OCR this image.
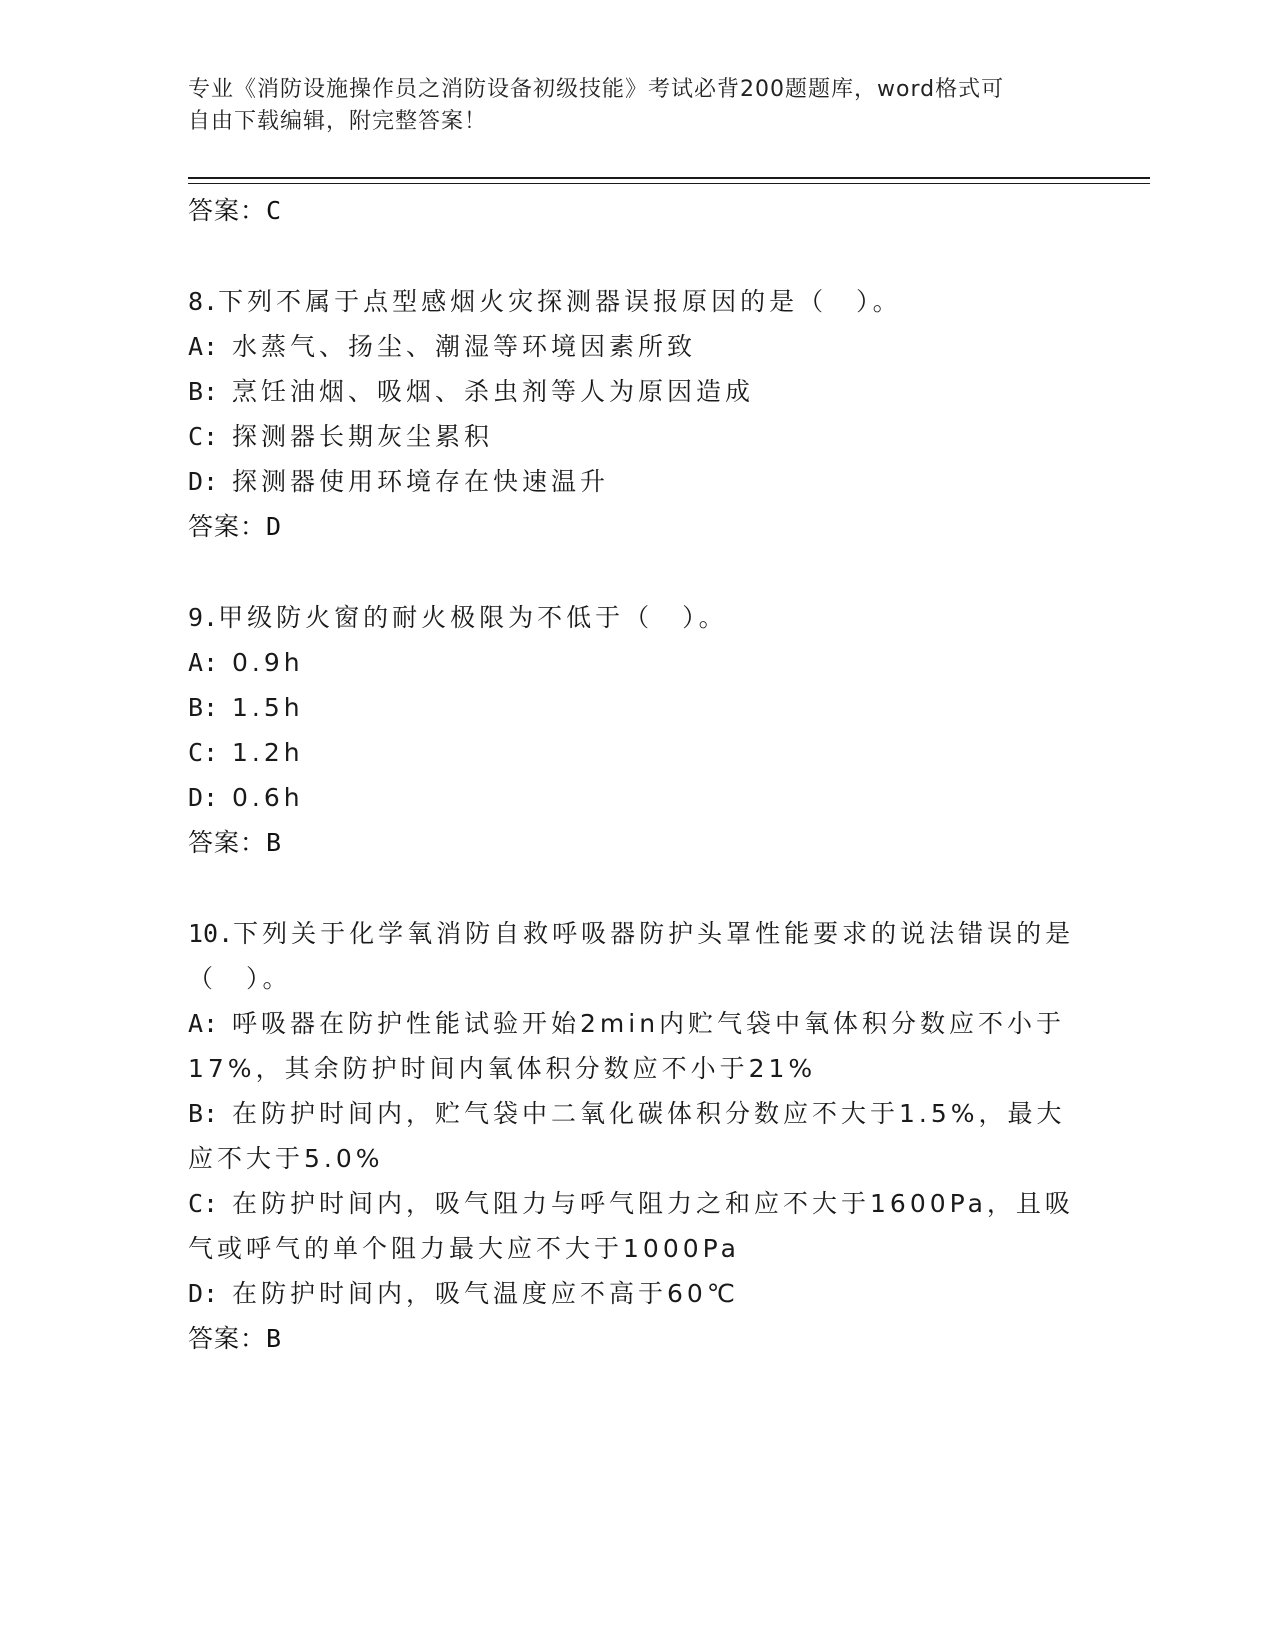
专业《消防设施操作员之消防设备初级技能》考试必背200题题库，word格式可
自由下载编辑，附完整答案！
答案：C
8.下列不属于点型感烟火灾探测器误报原因的是（　）。
A: 水蒸气、扬尘、潮湿等环境因素所致
B: 烹饪油烟、吸烟、杀虫剂等人为原因造成
C: 探测器长期灰尘累积
D: 探测器使用环境存在快速温升
答案：D
9.甲级防火窗的耐火极限为不低于（　）。
A: 0.9h
B: 1.5h
C: 1.2h
D: 0.6h
答案：B
10.下列关于化学氧消防自救呼吸器防护头罩性能要求的说法错误的是（　）。
A: 呼吸器在防护性能试验开始2min内贮气袋中氧体积分数应不小于17%，其余防护时间内氧体积分数应不小于21%
B: 在防护时间内，贮气袋中二氧化碳体积分数应不大于1.5%，最大应不大于5.0%
C: 在防护时间内，吸气阻力与呼气阻力之和应不大于1600Pa，且吸气或呼气的单个阻力最大应不大于1000Pa
D: 在防护时间内，吸气温度应不高于60℃
答案：B
